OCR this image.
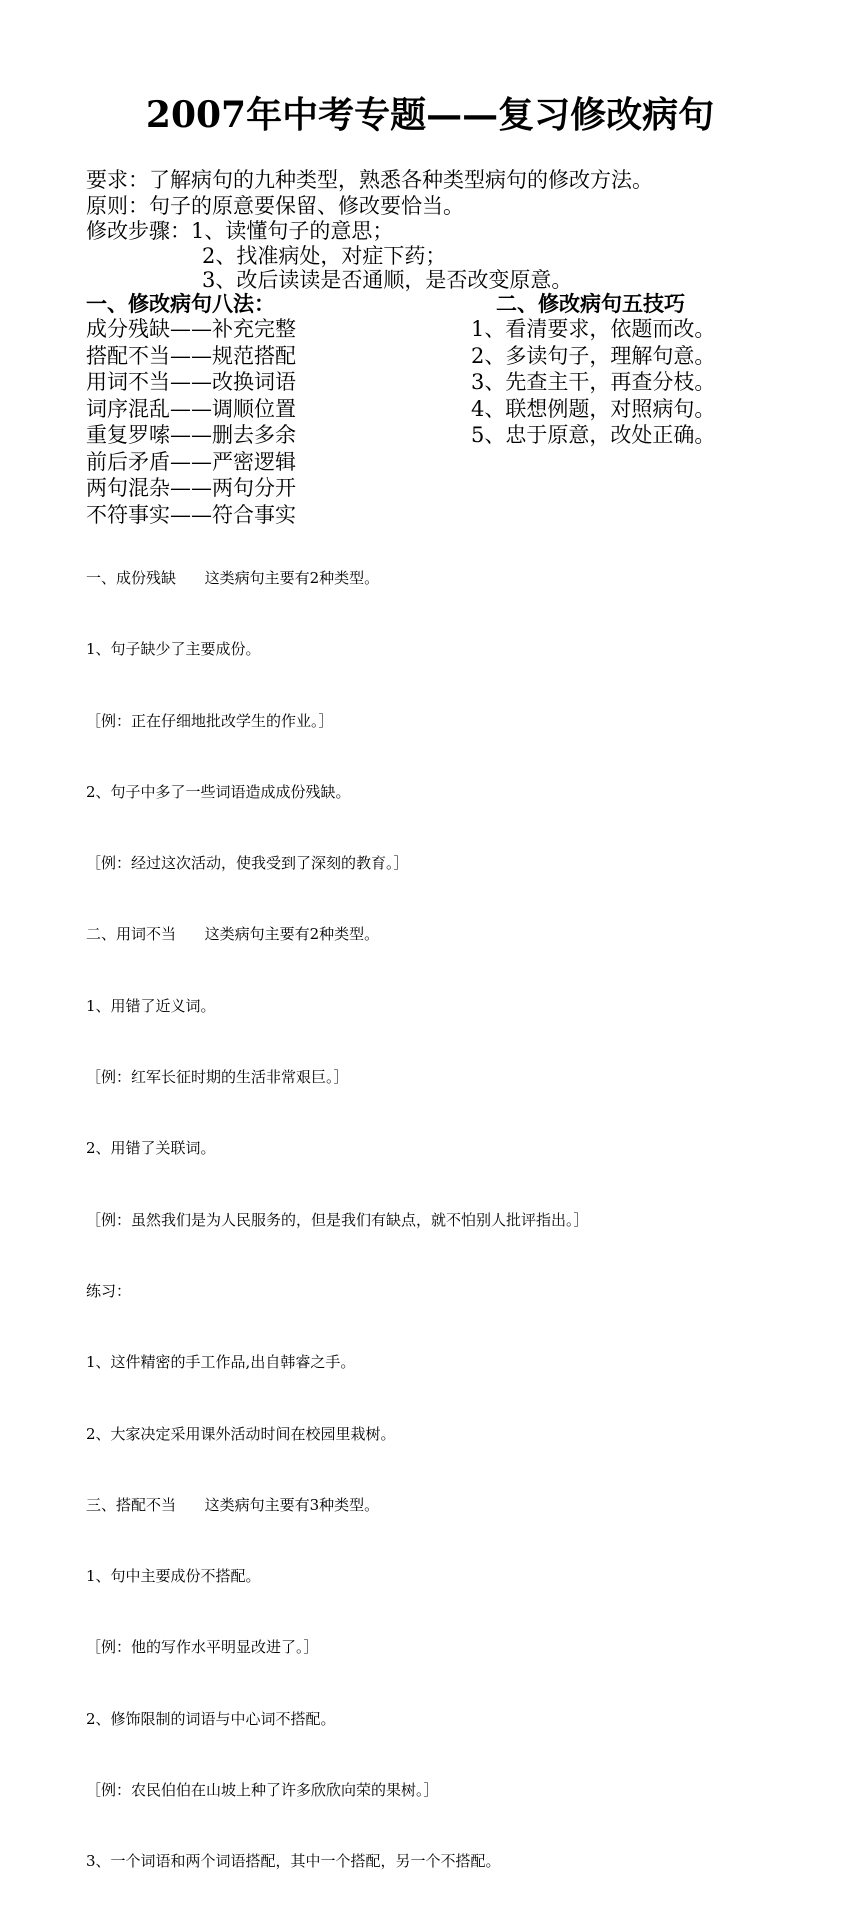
2007年中考专题——复习修改病句
要求：了解病句的九种类型，熟悉各种类型病句的修改方法。
原则：句子的原意要保留、修改要恰当。
修改步骤：1、读懂句子的意思；
2、找准病处，对症下药；
3、改后读读是否通顺，是否改变原意。
一、修改病句八法：	二、修改病句五技巧
成分残缺——补充完整
搭配不当——规范搭配
用词不当——改换词语
词序混乱——调顺位置
重复罗嗦——删去多余
前后矛盾——严密逻辑
两句混杂——两句分开
不符事实——符合事实
1、看清要求，依题而改。
2、多读句子，理解句意。
3、先查主干，再查分枝。
4、联想例题，对照病句。
5、忠于原意，改处正确。

一、成份残缺      这类病句主要有2种类型。

1、句子缺少了主要成份。

［例：正在仔细地批改学生的作业。］

2、句子中多了一些词语造成成份残缺。

［例：经过这次活动，使我受到了深刻的教育。］

二、用词不当      这类病句主要有2种类型。

1、用错了近义词。

［例：红军长征时期的生活非常艰巨。］

2、用错了关联词。

［例：虽然我们是为人民服务的，但是我们有缺点，就不怕别人批评指出。］

练习：

1、这件精密的手工作品,出自韩睿之手。

2、大家决定采用课外活动时间在校园里栽树。

三、搭配不当      这类病句主要有3种类型。

1、句中主要成份不搭配。

［例：他的写作水平明显改进了。］

2、修饰限制的词语与中心词不搭配。

［例：农民伯伯在山坡上种了许多欣欣向荣的果树。］

3、一个词语和两个词语搭配，其中一个搭配，另一个不搭配。
